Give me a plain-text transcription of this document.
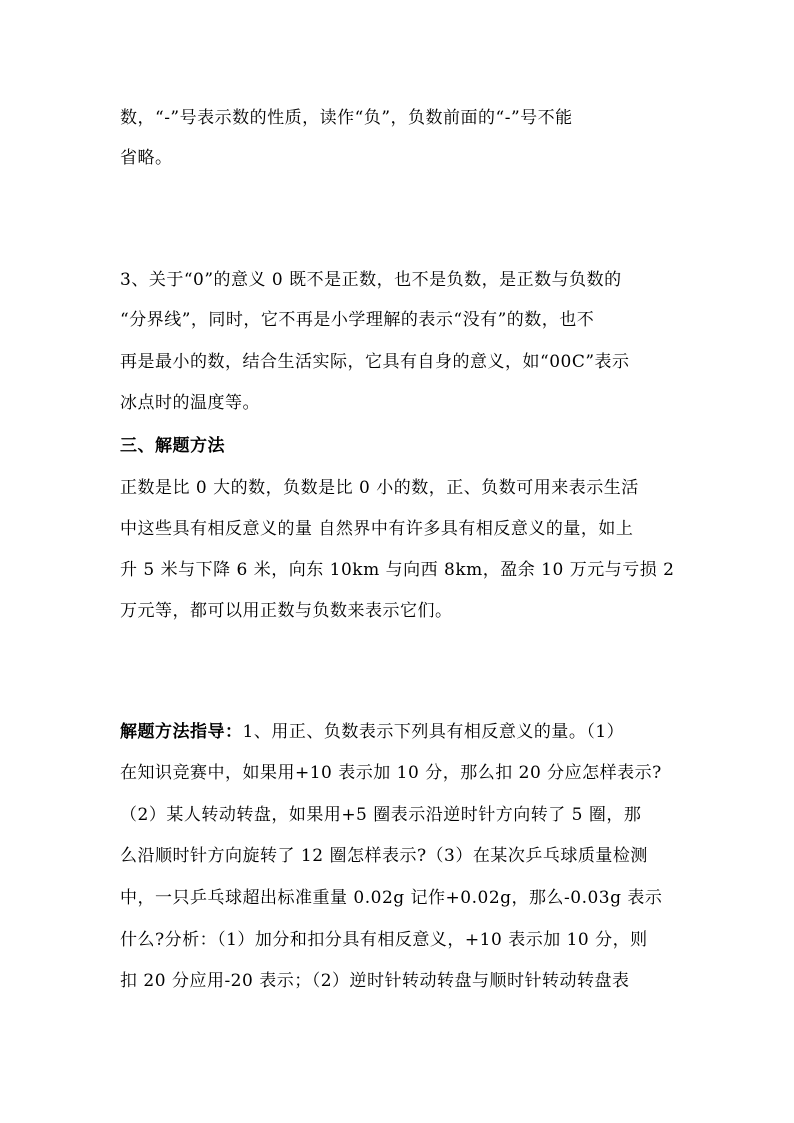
数，“-”号表示数的性质，读作“负”，负数前面的“-”号不能
省略。
3、关于“0”的意义 0 既不是正数，也不是负数，是正数与负数的
“分界线”，同时，它不再是小学理解的表示“没有”的数，也不
再是最小的数，结合生活实际，它具有自身的意义，如“00C”表示
冰点时的温度等。
三、解题方法
正数是比 0 大的数，负数是比 0 小的数，正、负数可用来表示生活
中这些具有相反意义的量 自然界中有许多具有相反意义的量，如上
升 5 米与下降 6 米，向东 10km 与向西 8km，盈余 10 万元与亏损 2
万元等，都可以用正数与负数来表示它们。
解题方法指导：1、用正、负数表示下列具有相反意义的量。（1）
在知识竞赛中，如果用+10 表示加 10 分，那么扣 20 分应怎样表示?
（2）某人转动转盘，如果用+5 圈表示沿逆时针方向转了 5 圈，那
么沿顺时针方向旋转了 12 圈怎样表示?（3）在某次乒乓球质量检测
中，一只乒乓球超出标准重量 0.02g 记作+0.02g，那么-0.03g 表示
什么?分析：（1）加分和扣分具有相反意义，+10 表示加 10 分，则
扣 20 分应用-20 表示；（2）逆时针转动转盘与顺时针转动转盘表
